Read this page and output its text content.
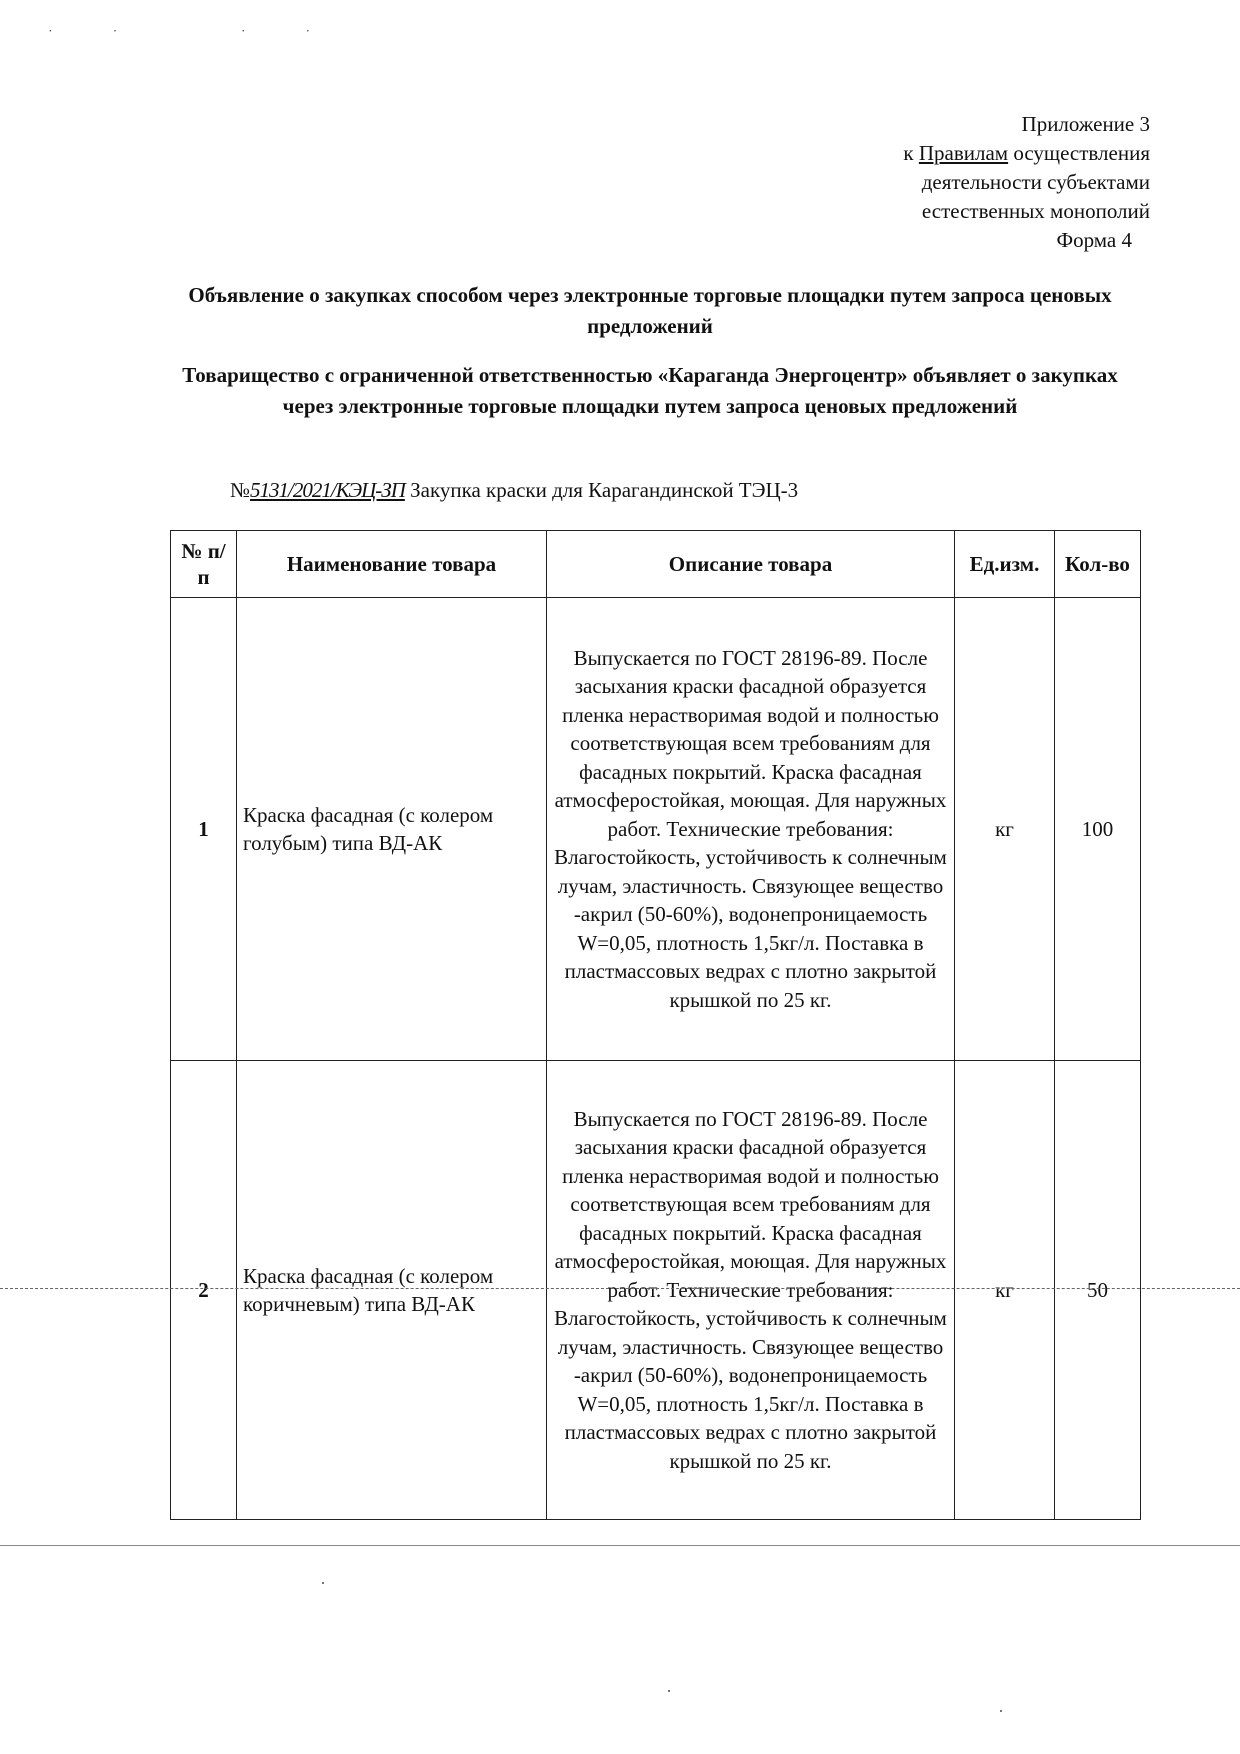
˙˙ ˙˙
Приложение 3
к Правилам осуществления
деятельности субъектами
естественных монополий
Форма 4
Объявление о закупках способом через электронные торговые площадки путем запроса ценовых предложений
Товарищество с ограниченной ответственностью «Караганда Энергоцентр» объявляет о закупках через электронные торговые площадки путем запроса ценовых предложений
№5131/2021/КЭЦ-ЗП Закупка краски для Карагандинской ТЭЦ-3
№ п/п	Наименование товара	Описание товара	Ед.изм.	Кол-во
1	Краска фасадная (с колером голубым) типа ВД-АК	Выпускается по ГОСТ 28196-89. После засыхания краски фасадной образуется пленка нерастворимая водой и полностью соответствующая всем требованиям для фасадных покрытий. Краска фасадная атмосферостойкая, моющая. Для наружных работ. Технические требования: Влагостойкость, устойчивость к солнечным лучам, эластичность. Связующее вещество -акрил (50-60%), водонепроницаемость W=0,05, плотность 1,5кг/л. Поставка в пластмассовых ведрах с плотно закрытой крышкой по 25 кг.	кг	100
2	Краска фасадная (с колером коричневым) типа ВД-АК	Выпускается по ГОСТ 28196-89. После засыхания краски фасадной образуется пленка нерастворимая водой и полностью соответствующая всем требованиям для фасадных покрытий. Краска фасадная атмосферостойкая, моющая. Для наружных работ. Технические требования: Влагостойкость, устойчивость к солнечным лучам, эластичность. Связующее вещество -акрил (50-60%), водонепроницаемость W=0,05, плотность 1,5кг/л. Поставка в пластмассовых ведрах с плотно закрытой крышкой по 25 кг.	кг	50
